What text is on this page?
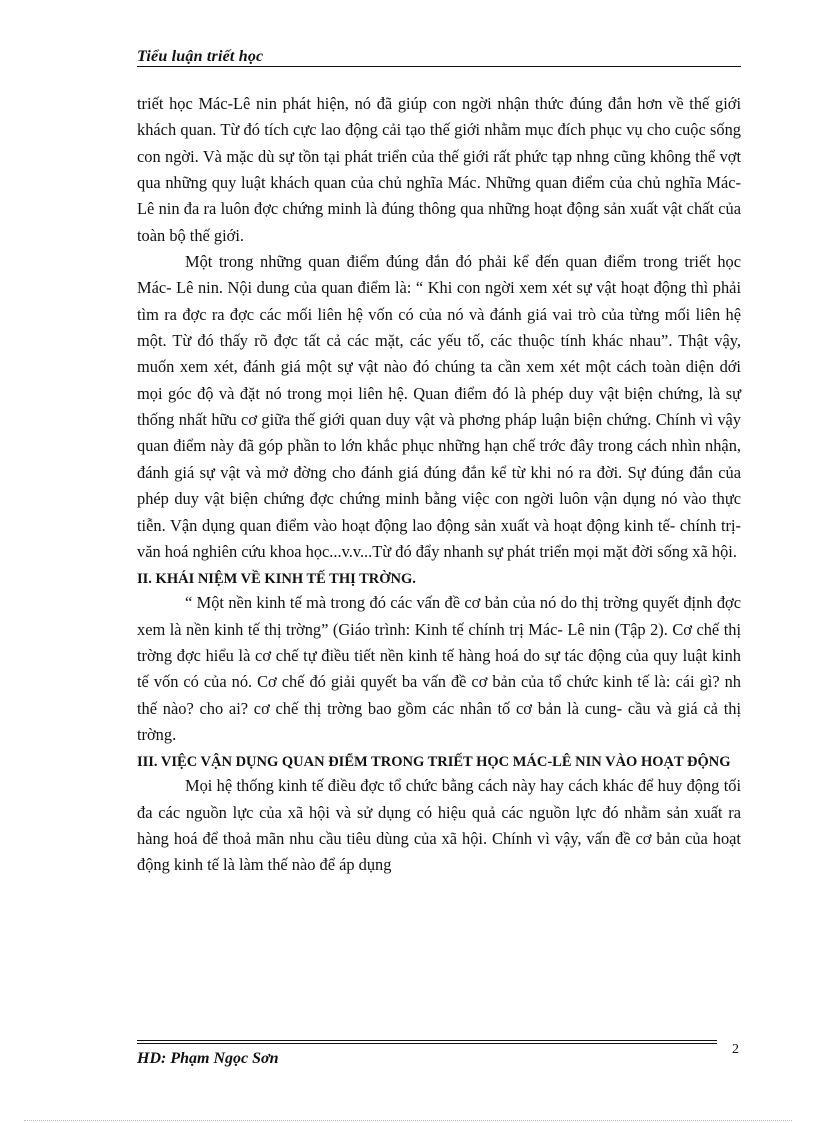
Tiểu luận triết học

triết học Mác-Lê nin phát hiện, nó đã giúp con ngời nhận thức đúng đắn hơn về thế giới khách quan. Từ đó tích cực lao động cải tạo thế giới nhằm mục đích phục vụ cho cuộc sống con ngời. Và mặc dù sự tồn tại phát triển của thế giới rất phức tạp nhng cũng không thể vợt qua những quy luật khách quan của chủ nghĩa Mác. Những quan điểm của chủ nghĩa Mác- Lê nin đa ra luôn đợc chứng minh là đúng thông qua những hoạt động sản xuất vật chất của toàn bộ thế giới.

Một trong những quan điểm đúng đắn đó phải kể đến quan điểm trong triết học Mác- Lê nin. Nội dung của quan điểm là: “ Khi con ngời xem xét sự vật hoạt động thì phải tìm ra đợc ra đợc các mối liên hệ vốn có của nó và đánh giá vai trò của từng mối liên hệ một. Từ đó thấy rõ đợc tất cả các mặt, các yếu tố, các thuộc tính khác nhau”. Thật vậy, muốn xem xét, đánh giá một sự vật nào đó chúng ta cần xem xét một cách toàn diện dới mọi góc độ và đặt nó trong mọi liên hệ. Quan điểm đó là phép duy vật biện chứng, là sự thống nhất hữu cơ giữa thế giới quan duy vật và phơng pháp luận biện chứng. Chính vì vậy quan điểm này đã góp phần to lớn khắc phục những hạn chế trớc đây trong cách nhìn nhận, đánh giá sự vật và mở đờng cho đánh giá đúng đắn kể từ khi nó ra đời. Sự đúng đắn của phép duy vật biện chứng đợc chứng minh bằng việc con ngời luôn vận dụng nó vào thực tiễn. Vận dụng quan điểm vào hoạt động lao động sản xuất và hoạt động kinh tế- chính trị- văn hoá nghiên cứu khoa học...v.v...Từ đó đẩy nhanh sự phát triển mọi mặt đời sống xã hội.

II. KHÁI NIỆM VỀ KINH TẾ THỊ TRỜNG.

“ Một nền kinh tế mà trong đó các vấn đề cơ bản của nó do thị trờng quyết định đợc xem là nền kinh tế thị trờng” (Giáo trình: Kinh tế chính trị Mác- Lê nin (Tập 2). Cơ chế thị trờng đợc hiểu là cơ chế tự điều tiết nền kinh tế hàng hoá do sự tác động của quy luật kinh tế vốn có của nó. Cơ chế đó giải quyết ba vấn đề cơ bản của tổ chức kinh tế là: cái gì? nh thế nào? cho ai? cơ chế thị trờng bao gồm các nhân tố cơ bản là cung- cầu và giá cả thị trờng.

III. VIỆC VẬN DỤNG QUAN ĐIỂM TRONG TRIẾT HỌC MÁC-LÊ NIN VÀO HOẠT ĐỘNG

Mọi hệ thống kinh tế điều đợc tổ chức bằng cách này hay cách khác để huy động tối đa các nguồn lực của xã hội và sử dụng có hiệu quả các nguồn lực đó nhằm sản xuất ra hàng hoá để thoả mãn nhu cầu tiêu dùng của xã hội. Chính vì vậy, vấn đề cơ bản của hoạt động kinh tế là làm thế nào để áp dụng

HD: Phạm Ngọc Sơn
2
